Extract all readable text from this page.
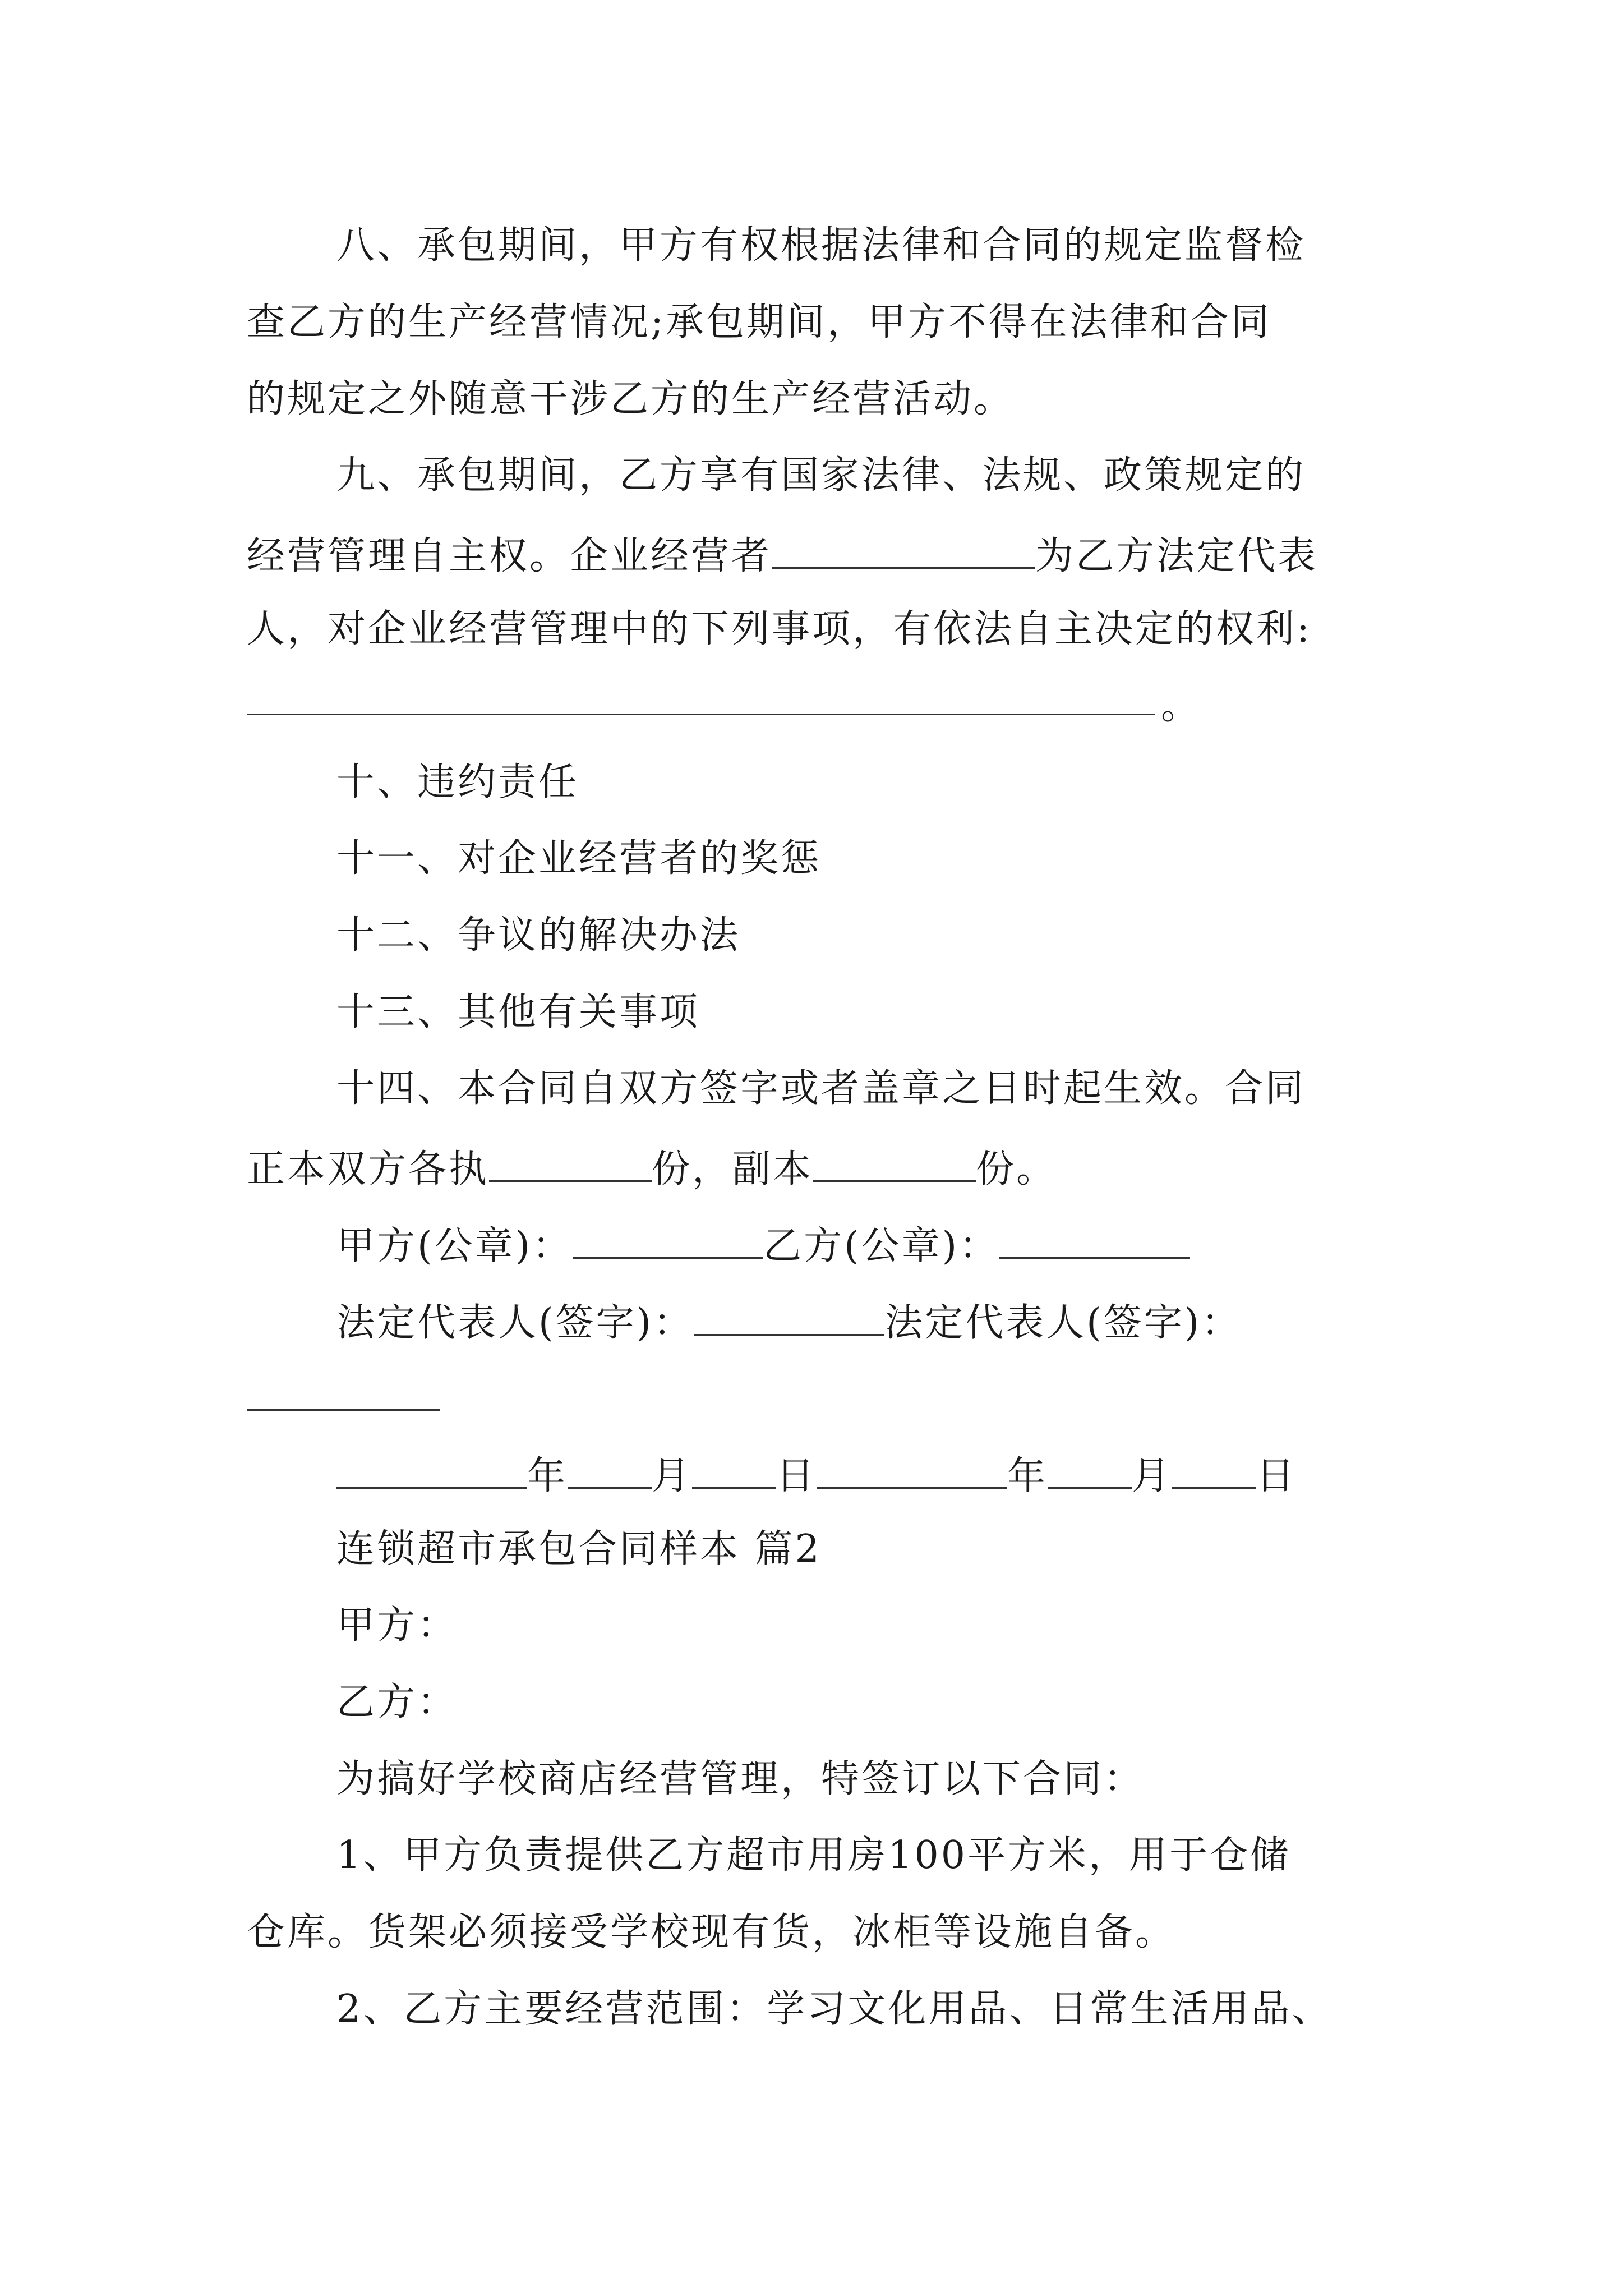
八、承包期间，甲方有权根据法律和合同的规定监督检
查乙方的生产经营情况;承包期间，甲方不得在法律和合同
的规定之外随意干涉乙方的生产经营活动。
九、承包期间，乙方享有国家法律、法规、政策规定的
经营管理自主权。企业经营者	为乙方法定代表
人，对企业经营管理中的下列事项，有依法自主决定的权利:
。
十、违约责任
十一、对企业经营者的奖惩
十二、争议的解决办法
十三、其他有关事项
十四、本合同自双方签字或者盖章之日时起生效。合同
正本双方各执	份，副本	份。
甲方(公章)：	乙方(公章)：
法定代表人(签字)：	法定代表人(签字)：
年 月 日	年 月 日
连锁超市承包合同样本 篇2
甲方：
乙方：
为搞好学校商店经营管理，特签订以下合同：
1、甲方负责提供乙方超市用房100平方米，用于仓储
仓库。货架必须接受学校现有货，冰柜等设施自备。
2、乙方主要经营范围：学习文化用品、日常生活用品、
